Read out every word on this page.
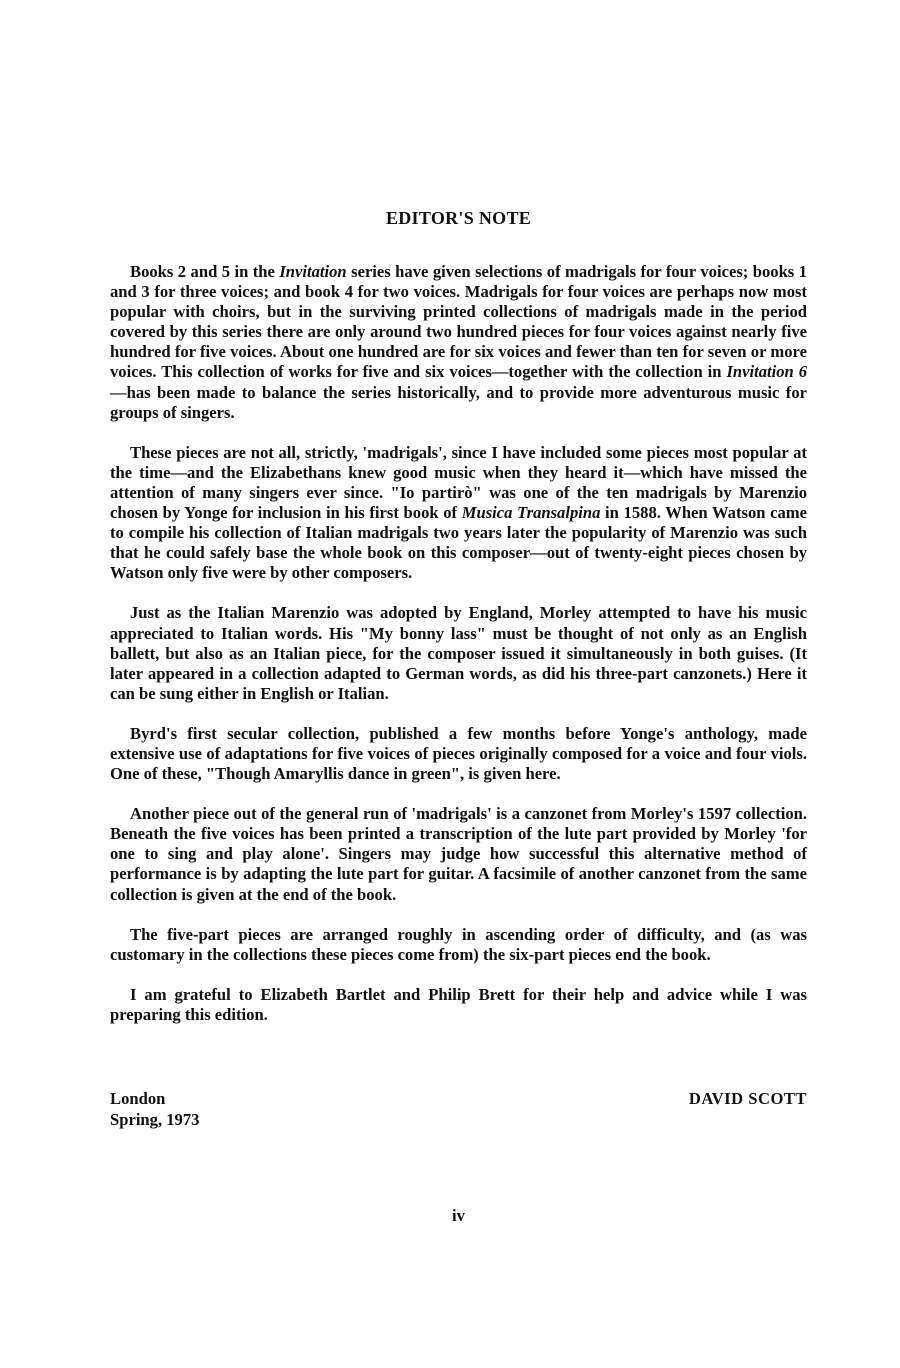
EDITOR'S NOTE

Books 2 and 5 in the Invitation series have given selections of madrigals for four voices; books 1 and 3 for three voices; and book 4 for two voices. Madrigals for four voices are perhaps now most popular with choirs, but in the surviving printed collections of madrigals made in the period covered by this series there are only around two hundred pieces for four voices against nearly five hundred for five voices. About one hundred are for six voices and fewer than ten for seven or more voices. This collection of works for five and six voices—together with the collection in Invitation 6—has been made to balance the series historically, and to provide more adventurous music for groups of singers.

These pieces are not all, strictly, 'madrigals', since I have included some pieces most popular at the time—and the Elizabethans knew good music when they heard it—which have missed the attention of many singers ever since. "Io partirò" was one of the ten madrigals by Marenzio chosen by Yonge for inclusion in his first book of Musica Transalpina in 1588. When Watson came to compile his collection of Italian madrigals two years later the popularity of Marenzio was such that he could safely base the whole book on this composer—out of twenty-eight pieces chosen by Watson only five were by other composers.

Just as the Italian Marenzio was adopted by England, Morley attempted to have his music appreciated to Italian words. His "My bonny lass" must be thought of not only as an English ballett, but also as an Italian piece, for the composer issued it simultaneously in both guises. (It later appeared in a collection adapted to German words, as did his three-part canzonets.) Here it can be sung either in English or Italian.

Byrd's first secular collection, published a few months before Yonge's anthology, made extensive use of adaptations for five voices of pieces originally composed for a voice and four viols. One of these, "Though Amaryllis dance in green", is given here.

Another piece out of the general run of 'madrigals' is a canzonet from Morley's 1597 collection. Beneath the five voices has been printed a transcription of the lute part provided by Morley 'for one to sing and play alone'. Singers may judge how successful this alternative method of performance is by adapting the lute part for guitar. A facsimile of another canzonet from the same collection is given at the end of the book.

The five-part pieces are arranged roughly in ascending order of difficulty, and (as was customary in the collections these pieces come from) the six-part pieces end the book.

I am grateful to Elizabeth Bartlet and Philip Brett for their help and advice while I was preparing this edition.

London
Spring, 1973
DAVID SCOTT
iv
